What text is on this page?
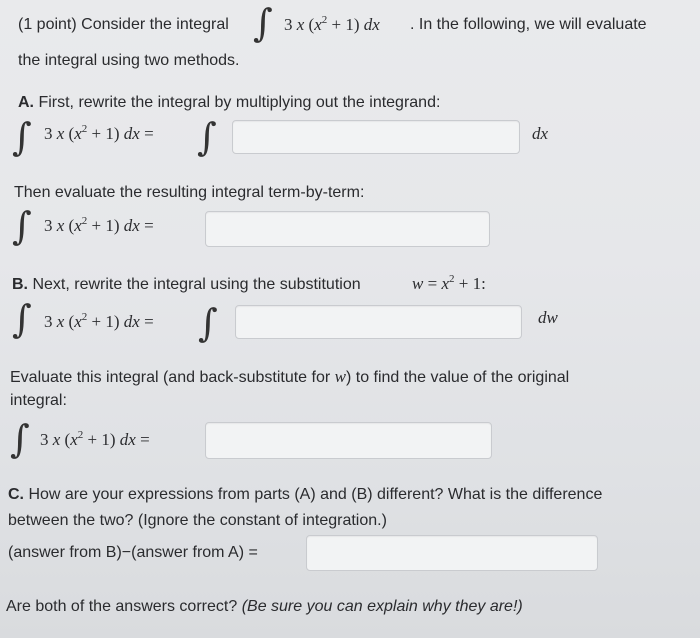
(1 point) Consider the integral ∫ 3 x $(x^2 + 1)$ dx . In the following, we will evaluate
the integral using two methods.
A. First, rewrite the integral by multiplying out the integrand:
∫ 3 x $(x^2 + 1)$ dx = ∫	dx
Then evaluate the resulting integral term-by-term:
∫ 3 x $(x^2 + 1)$ dx =
B. Next, rewrite the integral using the substitution	$w = x^2 + 1$:
∫ 3 x $(x^2 + 1)$ dx = ∫	dw
Evaluate this integral (and back-substitute for w) to find the value of the original
integral:
∫ 3 x $(x^2 + 1)$ dx =
C. How are your expressions from parts (A) and (B) different? What is the difference
between the two? (Ignore the constant of integration.)
(answer from B)−(answer from A) =
Are both of the answers correct? (Be sure you can explain why they are!)
